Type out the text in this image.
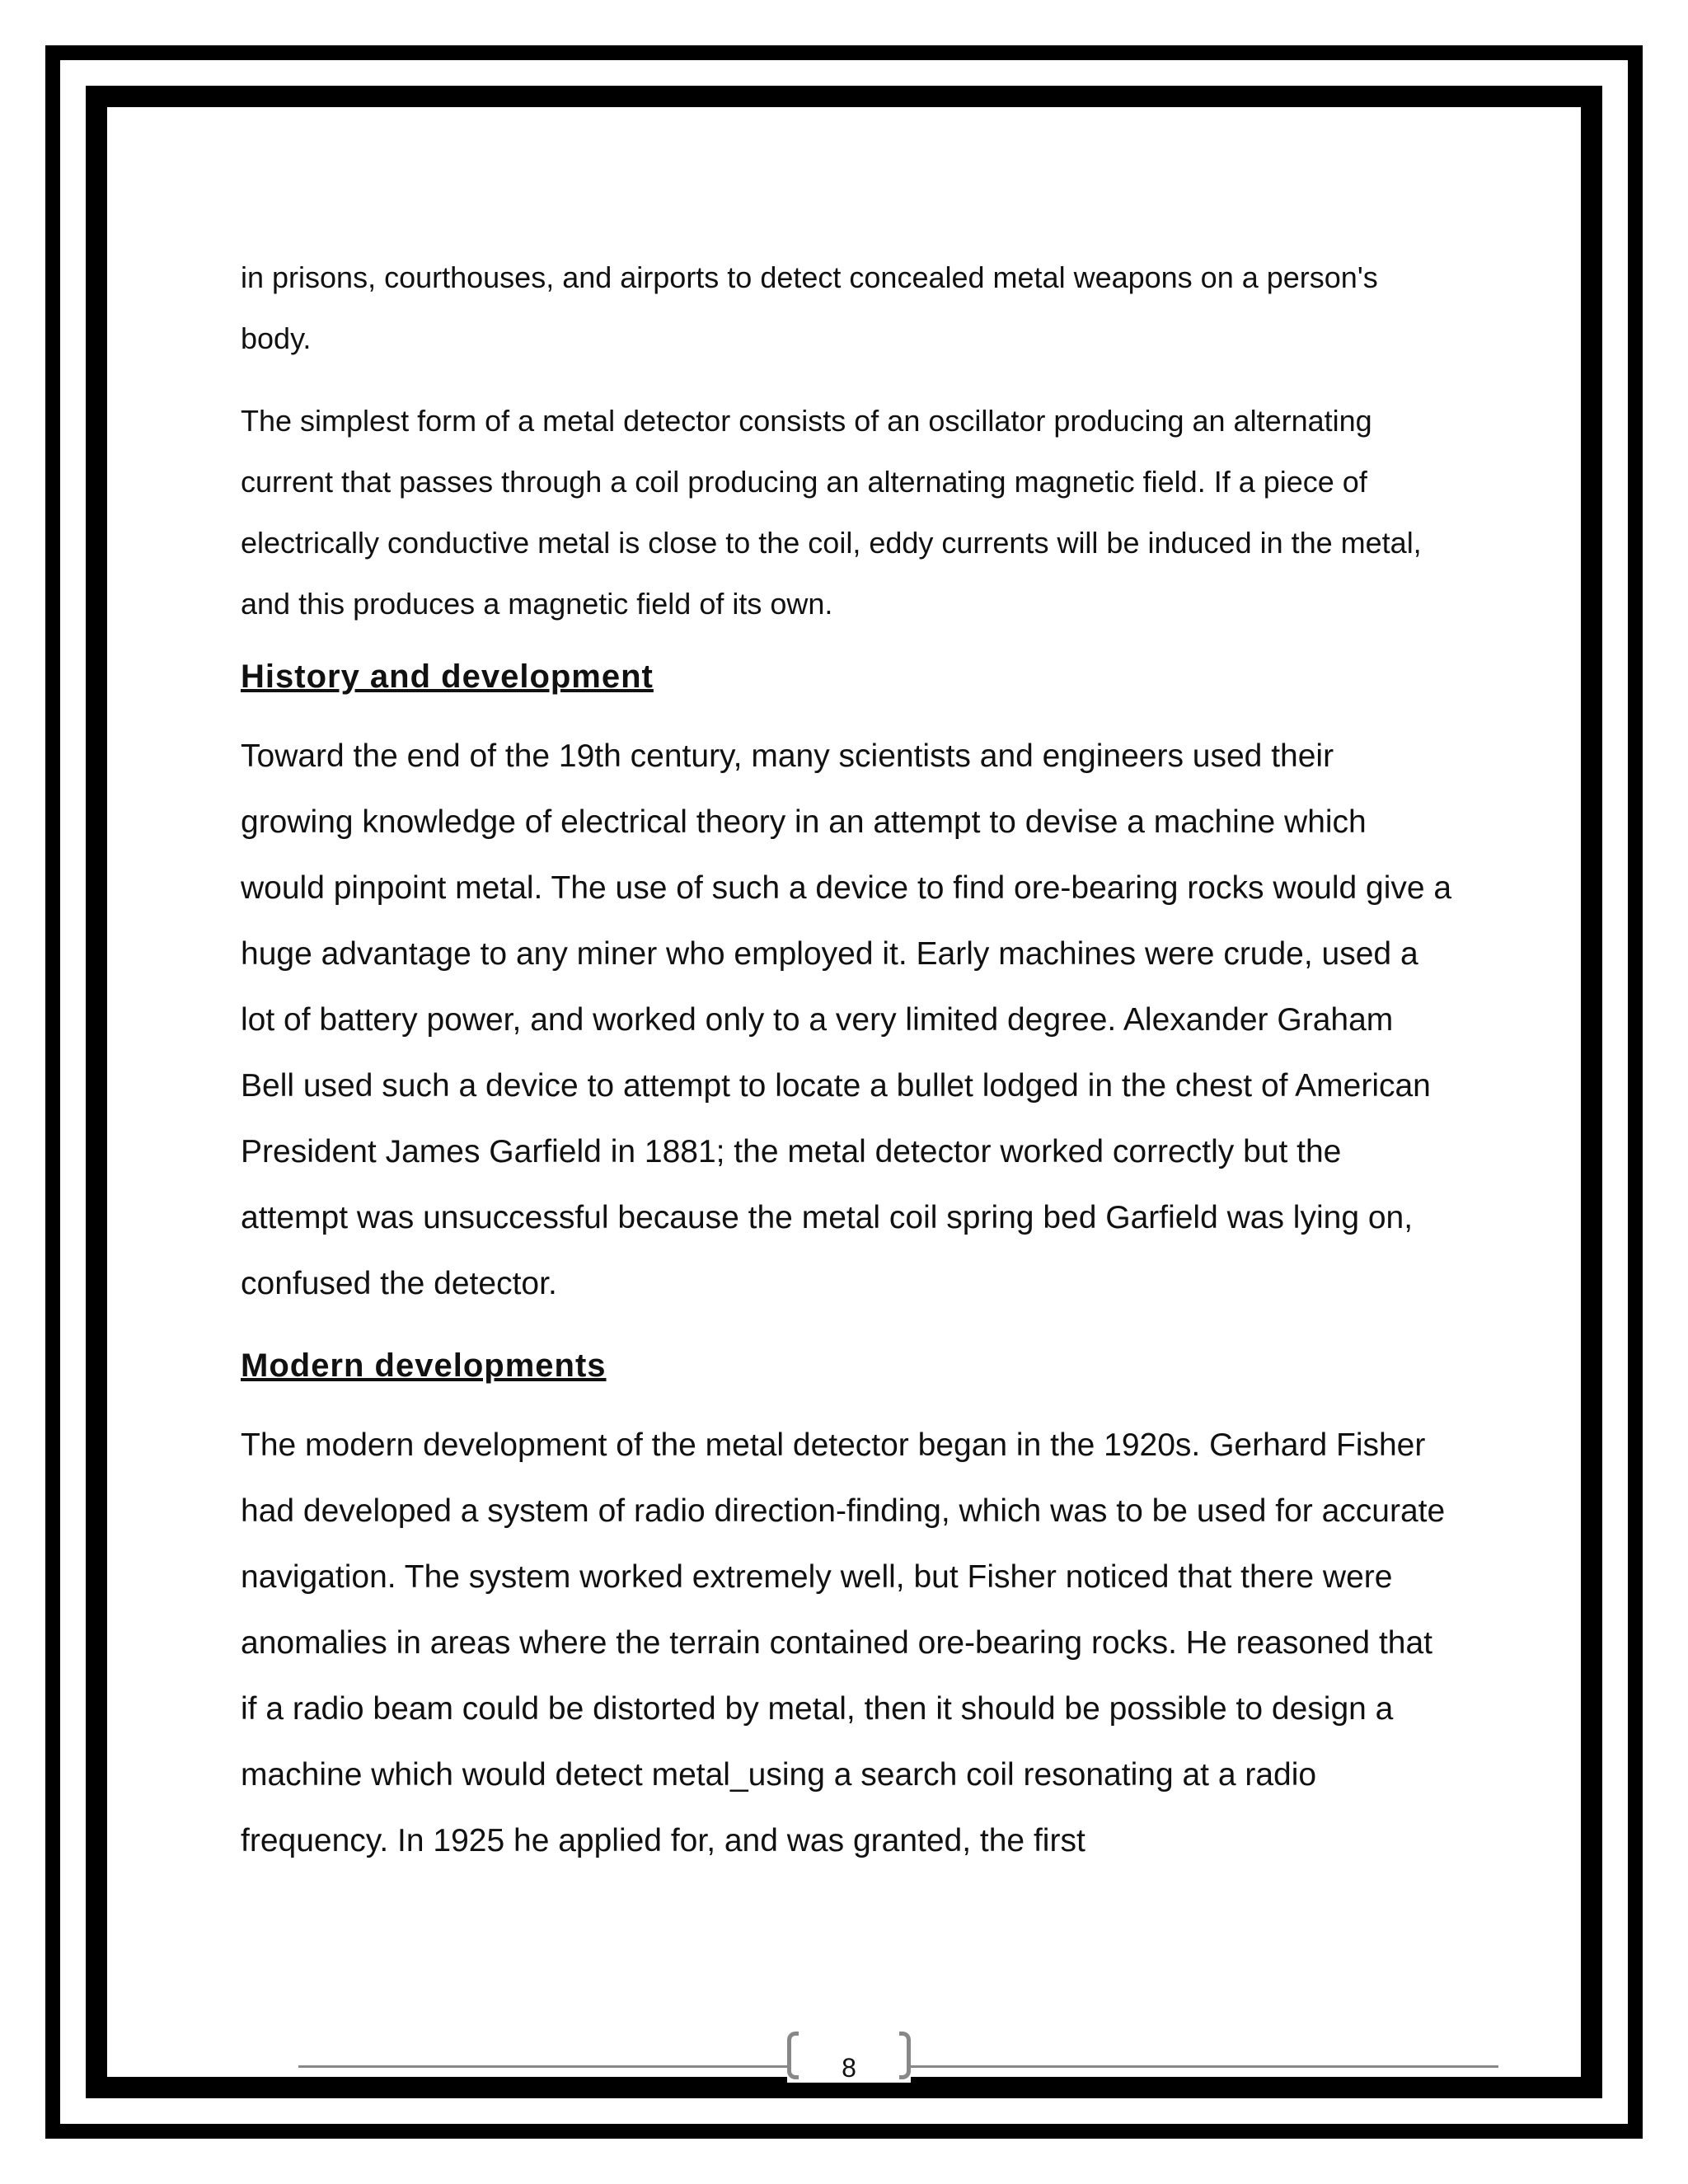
in prisons, courthouses, and airports to detect concealed metal weapons on a person's body.

The simplest form of a metal detector consists of an oscillator producing an alternating current that passes through a coil producing an alternating magnetic field. If a piece of electrically conductive metal is close to the coil, eddy currents will be induced in the metal, and this produces a magnetic field of its own.

History and development

Toward the end of the 19th century, many scientists and engineers used their growing knowledge of electrical theory in an attempt to devise a machine which would pinpoint metal. The use of such a device to find ore-bearing rocks would give a huge advantage to any miner who employed it. Early machines were crude, used a lot of battery power, and worked only to a very limited degree. Alexander Graham Bell used such a device to attempt to locate a bullet lodged in the chest of American President James Garfield in 1881; the metal detector worked correctly but the attempt was unsuccessful because the metal coil spring bed Garfield was lying on, confused the detector.

Modern developments

The modern development of the metal detector began in the 1920s. Gerhard Fisher had developed a system of radio direction-finding, which was to be used for accurate navigation. The system worked extremely well, but Fisher noticed that there were anomalies in areas where the terrain contained ore-bearing rocks. He reasoned that if a radio beam could be distorted by metal, then it should be possible to design a machine which would detect metal_using a search coil resonating at a radio frequency. In 1925 he applied for, and was granted, the first

8
